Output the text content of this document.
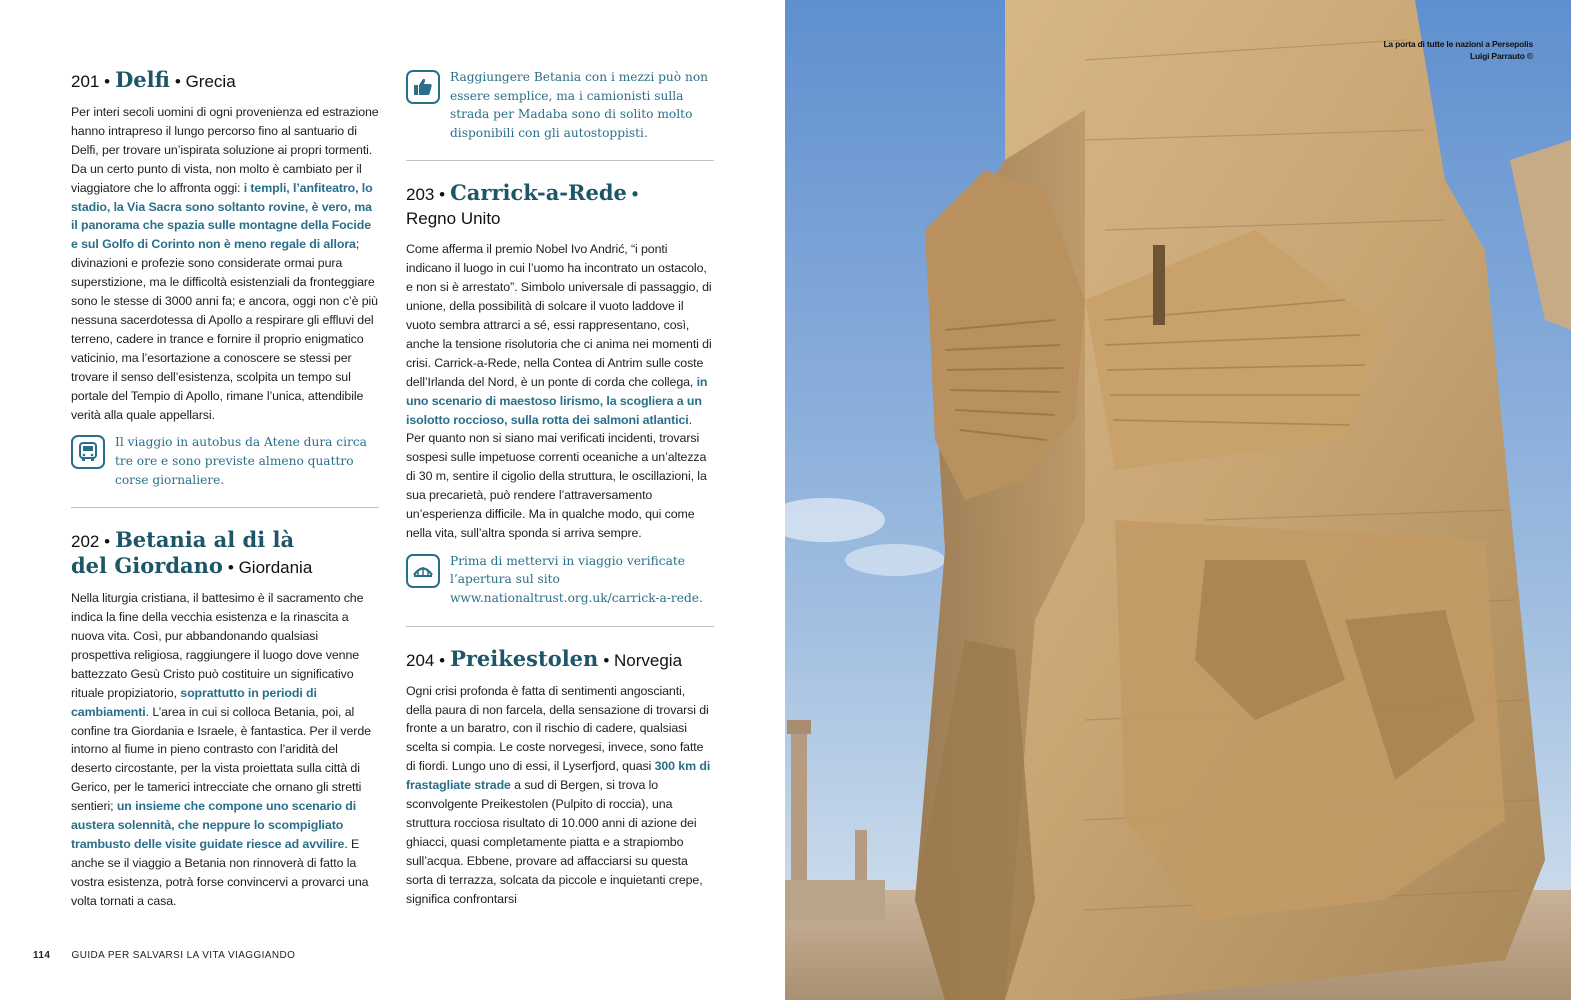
201 • Delfi • Grecia

Per interi secoli uomini di ogni provenienza ed estrazione hanno intrapreso il lungo percorso fino al santuario di Delfi, per trovare un’ispirata soluzione ai propri tormenti. Da un certo punto di vista, non molto è cambiato per il viaggiatore che lo affronta oggi: i templi, l’anfiteatro, lo stadio, la Via Sacra sono soltanto rovine, è vero, ma il panorama che spazia sulle montagne della Focide e sul Golfo di Corinto non è meno regale di allora; divinazioni e profezie sono considerate ormai pura superstizione, ma le difficoltà esistenziali da fronteggiare sono le stesse di 3000 anni fa; e ancora, oggi non c’è più nessuna sacerdotessa di Apollo a respirare gli effluvi del terreno, cadere in trance e fornire il proprio enigmatico vaticinio, ma l’esortazione a conoscere se stessi per trovare il senso dell’esistenza, scolpita un tempo sul portale del Tempio di Apollo, rimane l’unica, attendibile verità alla quale appellarsi.

Il viaggio in autobus da Atene dura circa tre ore e sono previste almeno quattro corse giornaliere.

202 • Betania al di là
del Giordano • Giordania

Nella liturgia cristiana, il battesimo è il sacramento che indica la fine della vecchia esistenza e la rinascita a nuova vita. Così, pur abbandonando qualsiasi prospettiva religiosa, raggiungere il luogo dove venne battezzato Gesù Cristo può costituire un significativo rituale propiziatorio, soprattutto in periodi di cambiamenti. L’area in cui si colloca Betania, poi, al confine tra Giordania e Israele, è fantastica. Per il verde intorno al fiume in pieno contrasto con l’aridità del deserto circostante, per la vista proiettata sulla città di Gerico, per le tamerici intrecciate che ornano gli stretti sentieri; un insieme che compone uno scenario di austera solennità, che neppure lo scompigliato trambusto delle visite guidate riesce ad avvilire. E anche se il viaggio a Betania non rinnoverà di fatto la vostra esistenza, potrà forse convincervi a provarci una volta tornati a casa.

Raggiungere Betania con i mezzi può non essere semplice, ma i camionisti sulla strada per Madaba sono di solito molto disponibili con gli autostoppisti.

203 • Carrick-a-Rede •
Regno Unito

Come afferma il premio Nobel Ivo Andrić, “i ponti indicano il luogo in cui l’uomo ha incontrato un ostacolo, e non si è arrestato”. Simbolo universale di passaggio, di unione, della possibilità di solcare il vuoto laddove il vuoto sembra attrarci a sé, essi rappresentano, così, anche la tensione risolutoria che ci anima nei momenti di crisi. Carrick-a-Rede, nella Contea di Antrim sulle coste dell’Irlanda del Nord, è un ponte di corda che collega, in uno scenario di maestoso lirismo, la scogliera a un isolotto roccioso, sulla rotta dei salmoni atlantici. Per quanto non si siano mai verificati incidenti, trovarsi sospesi sulle impetuose correnti oceaniche a un’altezza di 30 m, sentire il cigolio della struttura, le oscillazioni, la sua precarietà, può rendere l’attraversamento un’esperienza difficile. Ma in qualche modo, qui come nella vita, sull’altra sponda si arriva sempre.

Prima di mettervi in viaggio verificate l’apertura sul sito www.nationaltrust.org.uk/carrick-a-rede.

204 • Preikestolen • Norvegia

Ogni crisi profonda è fatta di sentimenti angoscianti, della paura di non farcela, della sensazione di trovarsi di fronte a un baratro, con il rischio di cadere, qualsiasi scelta si compia. Le coste norvegesi, invece, sono fatte di fiordi. Lungo uno di essi, il Lyserfjord, quasi 300 km di frastagliate strade a sud di Bergen, si trova lo sconvolgente Preikestolen (Pulpito di roccia), una struttura rocciosa risultato di 10.000 anni di azione dei ghiacci, quasi completamente piatta e a strapiombo sull’acqua. Ebbene, provare ad affacciarsi su questa sorta di terrazza, solcata da piccole e inquietanti crepe, significa confrontarsi

114 GUIDA PER SALVARSI LA VITA VIAGGIANDO
La porta di tutte le nazioni a Persepolis
Luigi Parrauto ©
